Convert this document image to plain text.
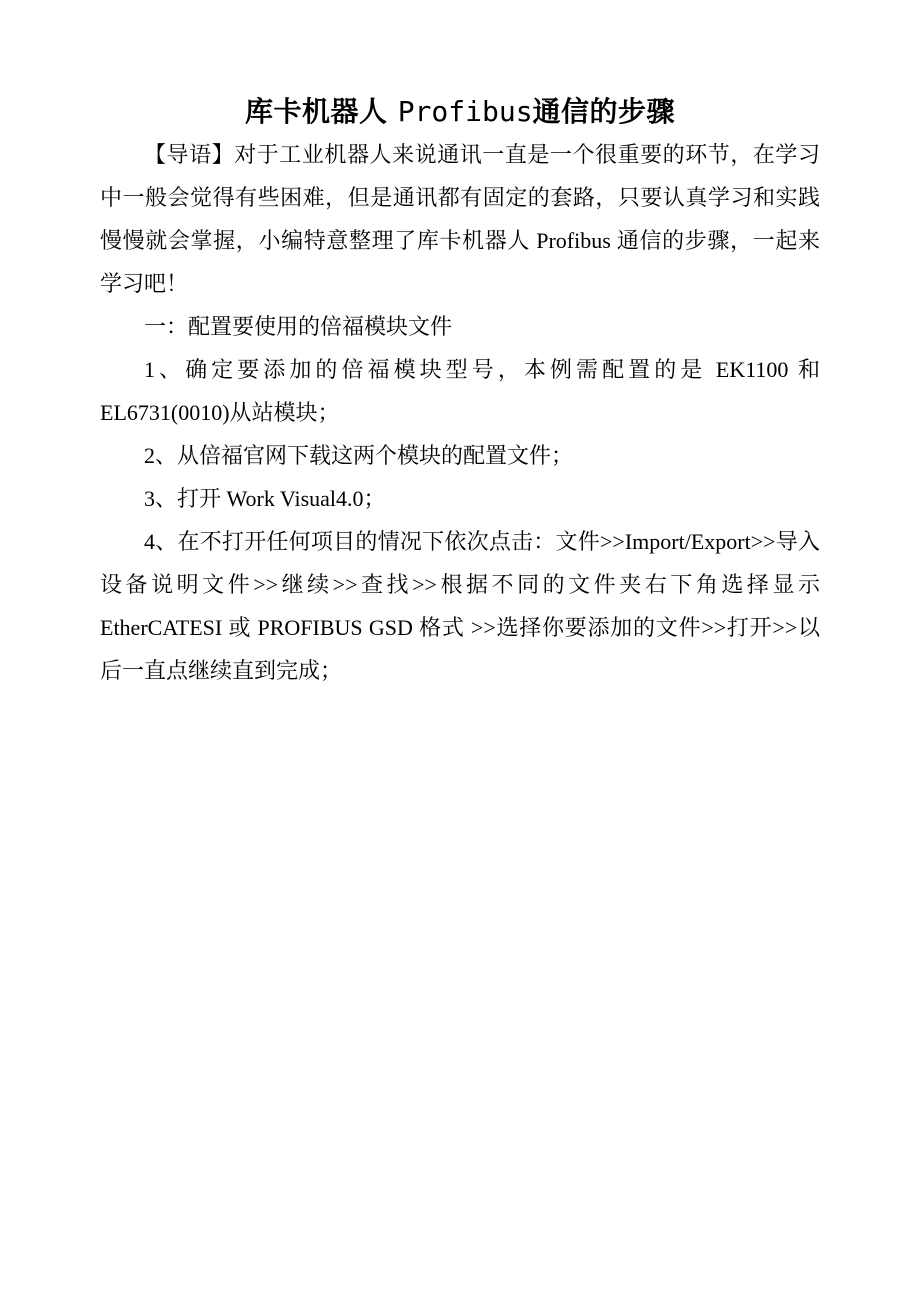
库卡机器人 Profibus通信的步骤

【导语】对于工业机器人来说通讯一直是一个很重要的环节，在学习中一般会觉得有些困难，但是通讯都有固定的套路，只要认真学习和实践慢慢就会掌握，小编特意整理了库卡机器人 Profibus 通信的步骤，一起来学习吧！

一：配置要使用的倍福模块文件

1、确定要添加的倍福模块型号，本例需配置的是 EK1100 和 EL6731(0010)从站模块；

2、从倍福官网下载这两个模块的配置文件；

3、打开 Work Visual4.0；

4、在不打开任何项目的情况下依次点击：文件>>Import/Export>>导入设备说明文件>>继续>>查找>>根据不同的文件夹右下角选择显示 EtherCATESI 或 PROFIBUS GSD 格式 >>选择你要添加的文件>>打开>>以后一直点继续直到完成；
